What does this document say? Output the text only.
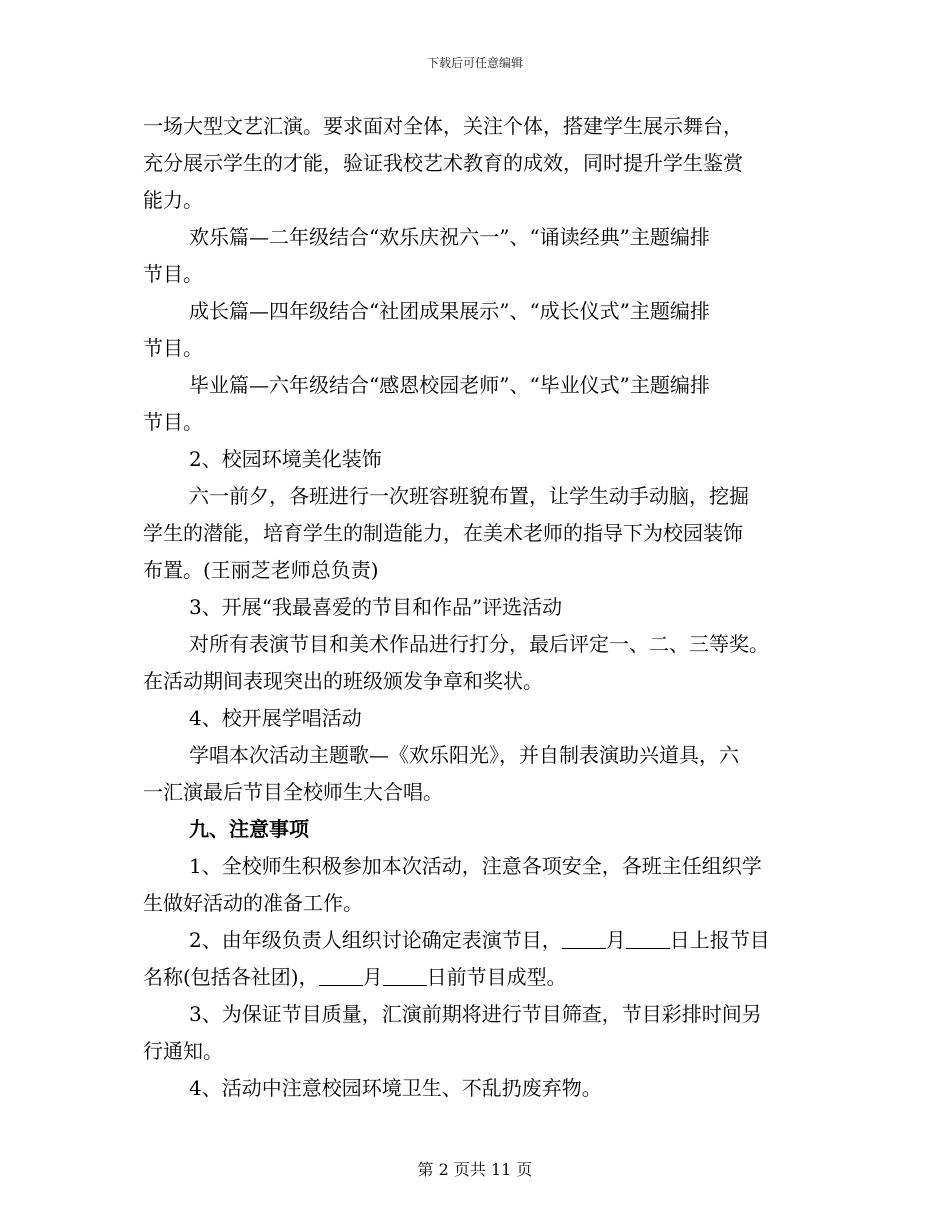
下载后可任意编辑
一场大型文艺汇演。要求面对全体，关注个体，搭建学生展示舞台，
充分展示学生的才能，验证我校艺术教育的成效，同时提升学生鉴赏
能力。
欢乐篇—二年级结合“欢乐庆祝六一”、“诵读经典”主题编排
节目。
成长篇—四年级结合“社团成果展示”、“成长仪式”主题编排
节目。
毕业篇—六年级结合“感恩校园老师”、“毕业仪式”主题编排
节目。
2、校园环境美化装饰
六一前夕，各班进行一次班容班貌布置，让学生动手动脑，挖掘
学生的潜能，培育学生的制造能力，在美术老师的指导下为校园装饰
布置。(王丽芝老师总负责)
3、开展“我最喜爱的节目和作品”评选活动
对所有表演节目和美术作品进行打分，最后评定一、二、三等奖。
在活动期间表现突出的班级颁发争章和奖状。
4、校开展学唱活动
学唱本次活动主题歌—《欢乐阳光》，并自制表演助兴道具，六
一汇演最后节目全校师生大合唱。
九、注意事项
1、全校师生积极参加本次活动，注意各项安全，各班主任组织学
生做好活动的准备工作。
2、由年级负责人组织讨论确定表演节目， 月 日上报节目
名称(包括各社团)， 月 日前节目成型。
3、为保证节目质量，汇演前期将进行节目筛查，节目彩排时间另
行通知。
4、活动中注意校园环境卫生、不乱扔废弃物。
第 2 页共 11 页
